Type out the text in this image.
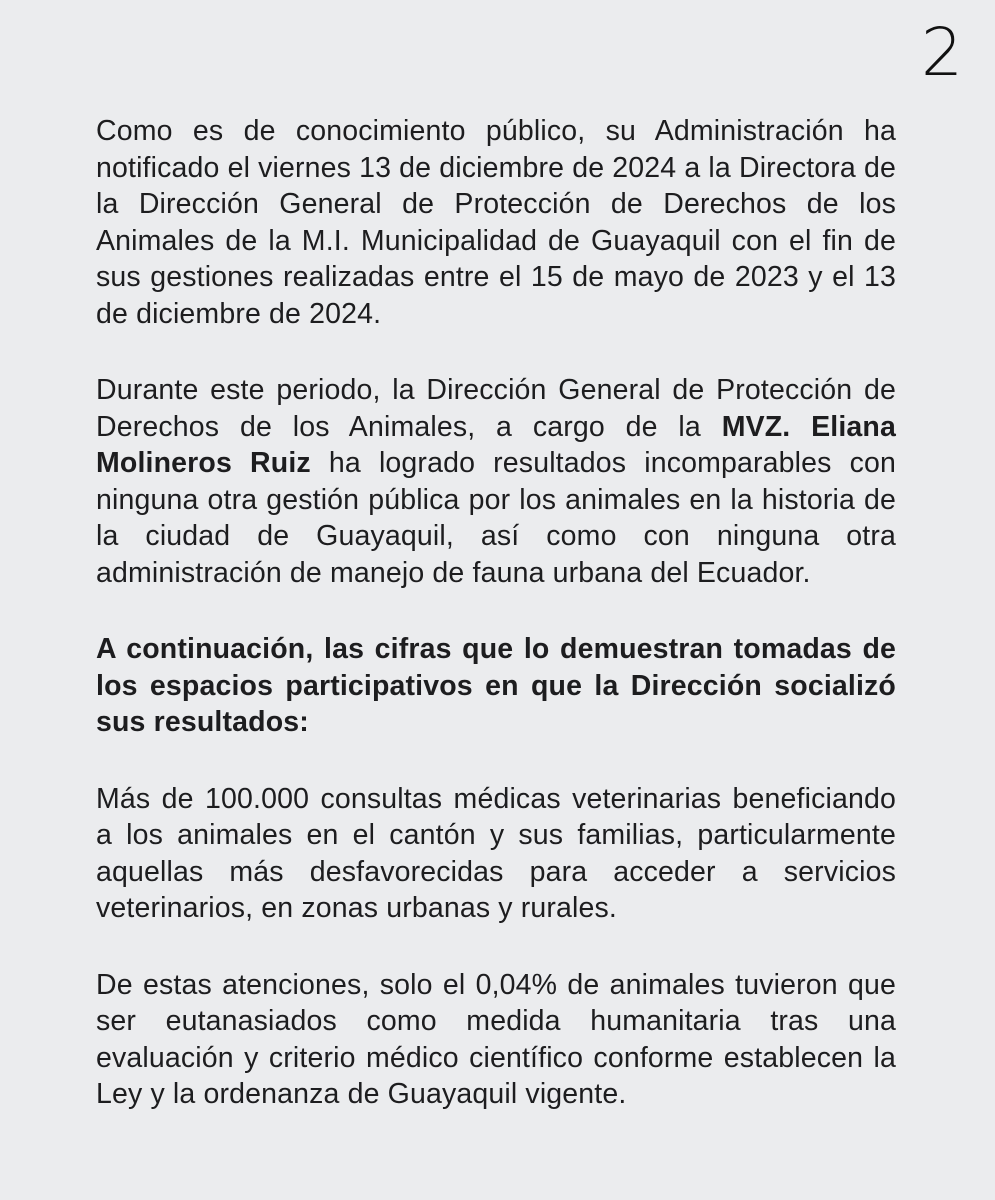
2

Como es de conocimiento público, su Administración ha notificado el viernes 13 de diciembre de 2024 a la Directora de la Dirección General de Protección de Derechos de los Animales de la M.I. Municipalidad de Guayaquil con el fin de sus gestiones realizadas entre el 15 de mayo de 2023 y el 13 de diciembre de 2024.

Durante este periodo, la Dirección General de Protección de Derechos de los Animales, a cargo de la MVZ. Eliana Molineros Ruiz ha logrado resultados incomparables con ninguna otra gestión pública por los animales en la historia de la ciudad de Guayaquil, así como con ninguna otra administración de manejo de fauna urbana del Ecuador.

A continuación, las cifras que lo demuestran tomadas de los espacios participativos en que la Dirección socializó sus resultados:

Más de 100.000 consultas médicas veterinarias beneficiando a los animales en el cantón y sus familias, particularmente aquellas más desfavorecidas para acceder a servicios veterinarios, en zonas urbanas y rurales.

De estas atenciones, solo el 0,04% de animales tuvieron que ser eutanasiados como medida humanitaria tras una evaluación y criterio médico científico conforme establecen la Ley y la ordenanza de Guayaquil vigente.
